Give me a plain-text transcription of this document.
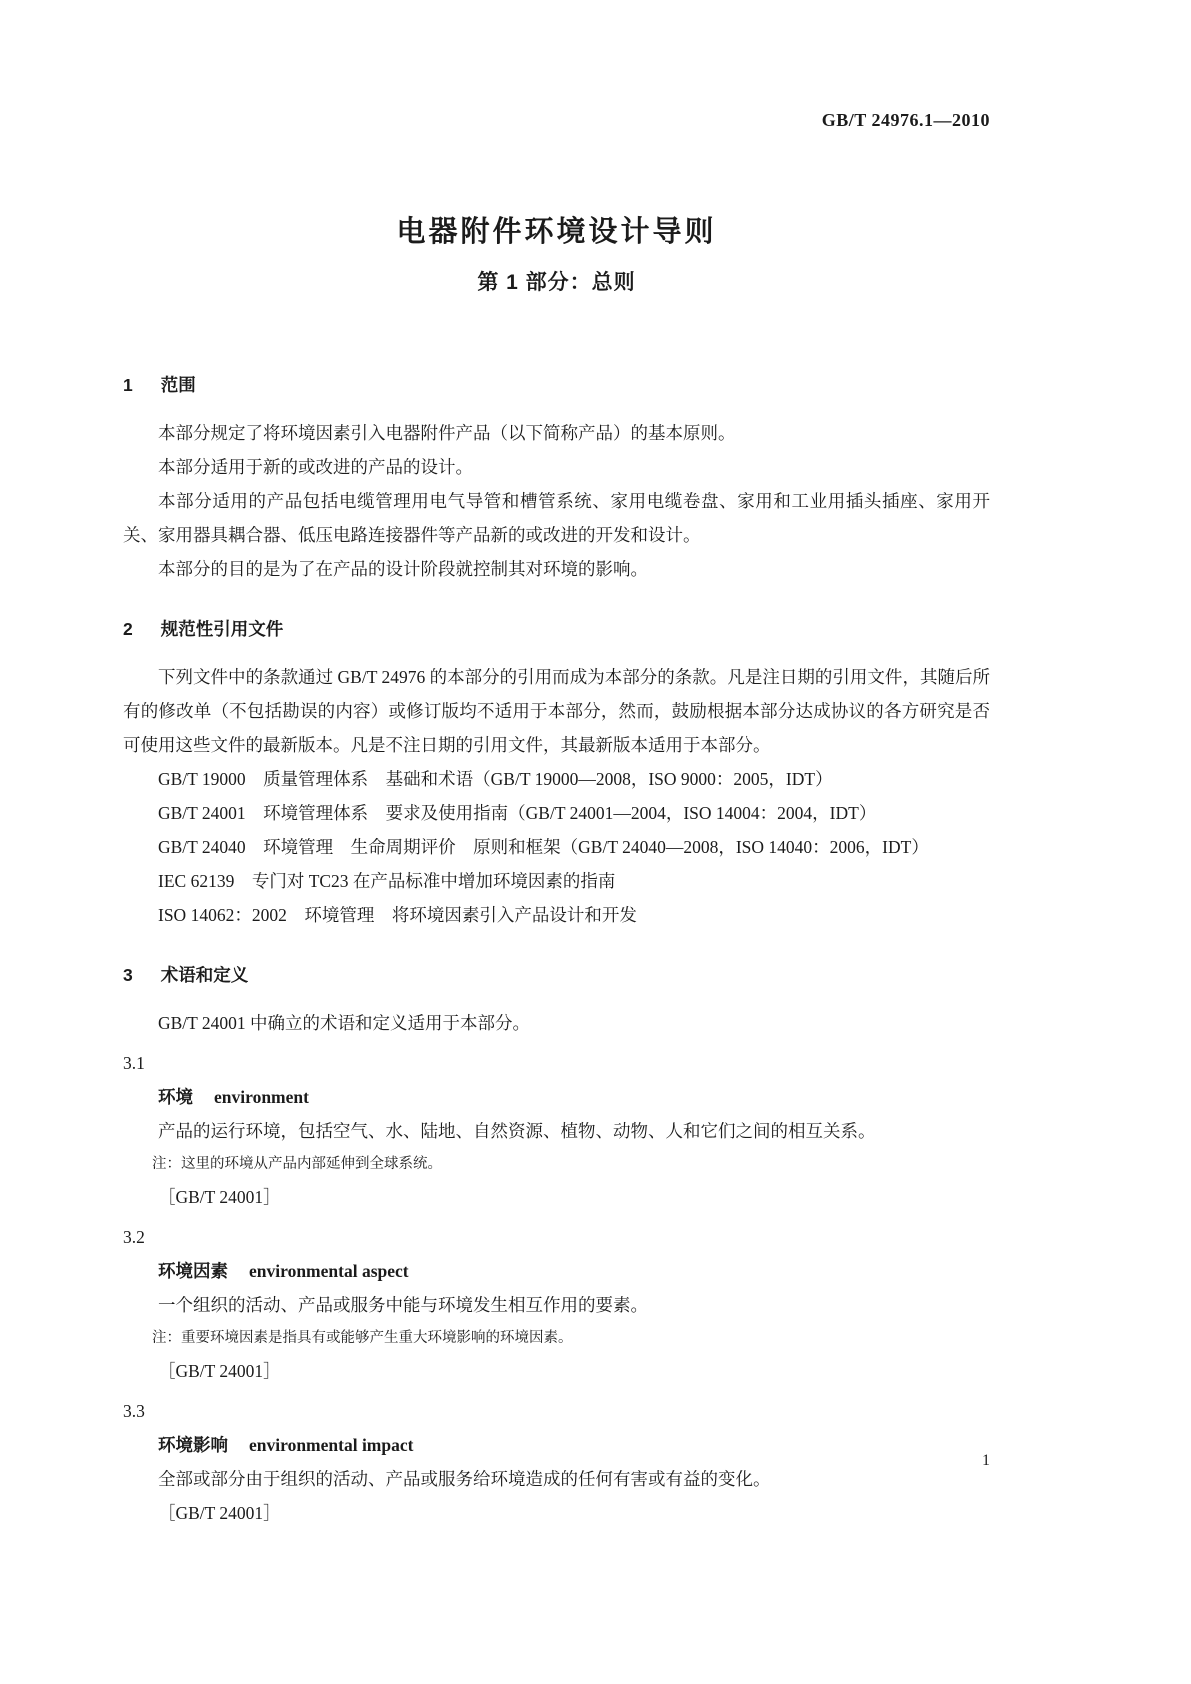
GB/T 24976.1—2010
电器附件环境设计导则
第 1 部分：总则
1 范围

本部分规定了将环境因素引入电器附件产品（以下简称产品）的基本原则。

本部分适用于新的或改进的产品的设计。

本部分适用的产品包括电缆管理用电气导管和槽管系统、家用电缆卷盘、家用和工业用插头插座、家用开关、家用器具耦合器、低压电路连接器件等产品新的或改进的开发和设计。

本部分的目的是为了在产品的设计阶段就控制其对环境的影响。

2 规范性引用文件

下列文件中的条款通过 GB/T 24976 的本部分的引用而成为本部分的条款。凡是注日期的引用文件，其随后所有的修改单（不包括勘误的内容）或修订版均不适用于本部分，然而，鼓励根据本部分达成协议的各方研究是否可使用这些文件的最新版本。凡是不注日期的引用文件，其最新版本适用于本部分。

GB/T 19000　质量管理体系　基础和术语（GB/T 19000—2008，ISO 9000：2005，IDT）

GB/T 24001　环境管理体系　要求及使用指南（GB/T 24001—2004，ISO 14004：2004，IDT）

GB/T 24040　环境管理　生命周期评价　原则和框架（GB/T 24040—2008，ISO 14040：2006，IDT）

IEC 62139　专门对 TC23 在产品标准中增加环境因素的指南

ISO 14062：2002　环境管理　将环境因素引入产品设计和开发

3 术语和定义

GB/T 24001 中确立的术语和定义适用于本部分。

3.1

环境 environment

产品的运行环境，包括空气、水、陆地、自然资源、植物、动物、人和它们之间的相互关系。

注：这里的环境从产品内部延伸到全球系统。

［GB/T 24001］

3.2

环境因素 environmental aspect

一个组织的活动、产品或服务中能与环境发生相互作用的要素。

注：重要环境因素是指具有或能够产生重大环境影响的环境因素。

［GB/T 24001］

3.3

环境影响 environmental impact

全部或部分由于组织的活动、产品或服务给环境造成的任何有害或有益的变化。

［GB/T 24001］

1
